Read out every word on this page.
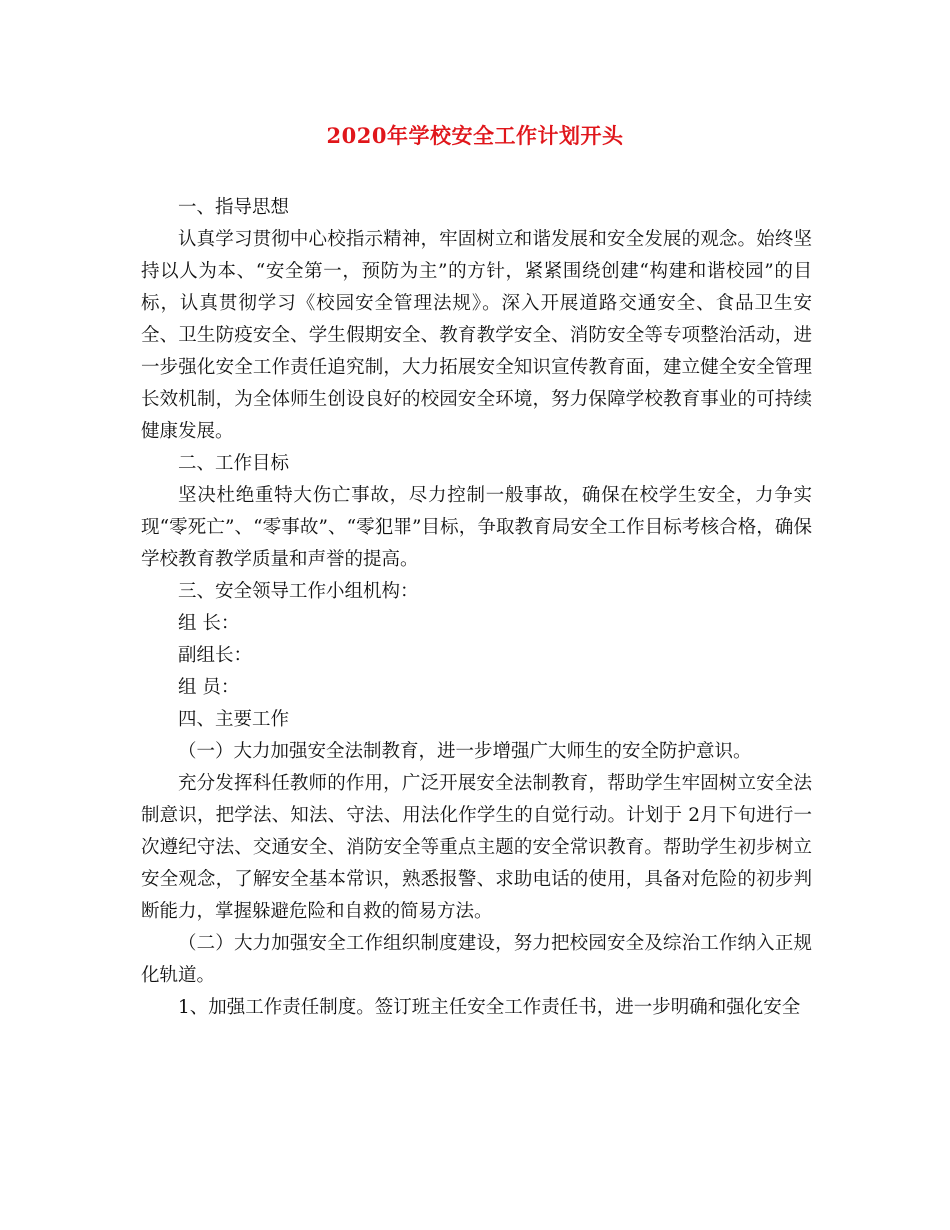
2020年学校安全工作计划开头

一、指导思想

认真学习贯彻中心校指示精神，牢固树立和谐发展和安全发展的观念。始终坚持以人为本、“安全第一，预防为主”的方针，紧紧围绕创建“构建和谐校园”的目标，认真贯彻学习《校园安全管理法规》。深入开展道路交通安全、食品卫生安全、卫生防疫安全、学生假期安全、教育教学安全、消防安全等专项整治活动，进一步强化安全工作责任追究制，大力拓展安全知识宣传教育面，建立健全安全管理长效机制，为全体师生创设良好的校园安全环境，努力保障学校教育事业的可持续健康发展。

二、工作目标

坚决杜绝重特大伤亡事故，尽力控制一般事故，确保在校学生安全，力争实现“零死亡”、“零事故”、“零犯罪”目标，争取教育局安全工作目标考核合格，确保学校教育教学质量和声誉的提高。

三、安全领导工作小组机构：

组 长：

副组长：

组 员：

四、主要工作

（一）大力加强安全法制教育，进一步增强广大师生的安全防护意识。

充分发挥科任教师的作用，广泛开展安全法制教育，帮助学生牢固树立安全法制意识，把学法、知法、守法、用法化作学生的自觉行动。计划于 2月下旬进行一次遵纪守法、交通安全、消防安全等重点主题的安全常识教育。帮助学生初步树立安全观念，了解安全基本常识，熟悉报警、求助电话的使用，具备对危险的初步判断能力，掌握躲避危险和自救的简易方法。

（二）大力加强安全工作组织制度建设，努力把校园安全及综治工作纳入正规化轨道。

1、加强工作责任制度。签订班主任安全工作责任书，进一步明确和强化安全
